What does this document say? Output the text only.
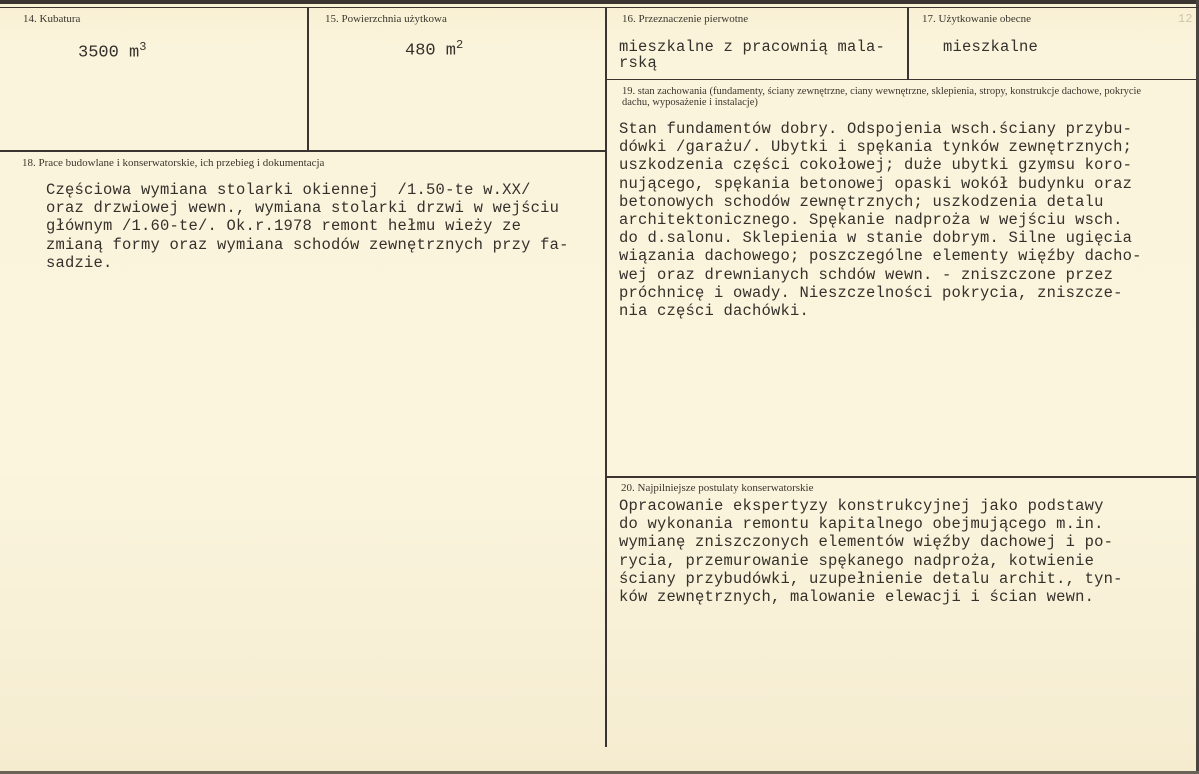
14. Kubatura
3500 $m^3$
15. Powierzchnia użytkowa
480 $m^2$
16. Przeznaczenie pierwotne
mieszkalne z pracownią mala-
rską
17. Użytkowanie obecne	12
mieszkalne
19. stan zachowania (fundamenty, ściany zewnętrzne, ciany wewnętrzne, sklepienia, stropy, konstrukcje dachowe, pokrycie dachu, wyposażenie i instalacje)
Stan fundamentów dobry. Odspojenia wsch.ściany przybu-
dówki /garażu/. Ubytki i spękania tynków zewnętrznych;
uszkodzenia części cokołowej; duże ubytki gzymsu koro-
nującego, spękania betonowej opaski wokół budynku oraz
betonowych schodów zewnętrznych; uszkodzenia detalu
architektonicznego. Spękanie nadproża w wejściu wsch.
do d.salonu. Sklepienia w stanie dobrym. Silne ugięcia
wiązania dachowego; poszczególne elementy więźby dacho-
wej oraz drewnianych schdów wewn. - zniszczone przez
próchnicę i owady. Nieszczelności pokrycia, zniszcze-
nia części dachówki.
18. Prace budowlane i konserwatorskie, ich przebieg i dokumentacja
Częściowa wymiana stolarki okiennej  /1.50-te w.XX/
oraz drzwiowej wewn., wymiana stolarki drzwi w wejściu
głównym /1.60-te/. Ok.r.1978 remont hełmu wieży ze
zmianą formy oraz wymiana schodów zewnętrznych przy fa-
sadzie.
20. Najpilniejsze postulaty konserwatorskie
Opracowanie ekspertyzy konstrukcyjnej jako podstawy
do wykonania remontu kapitalnego obejmującego m.in.
wymianę zniszczonych elementów więźby dachowej i po-
rycia, przemurowanie spękanego nadproża, kotwienie
ściany przybudówki, uzupełnienie detalu archit., tyn-
ków zewnętrznych, malowanie elewacji i ścian wewn.
